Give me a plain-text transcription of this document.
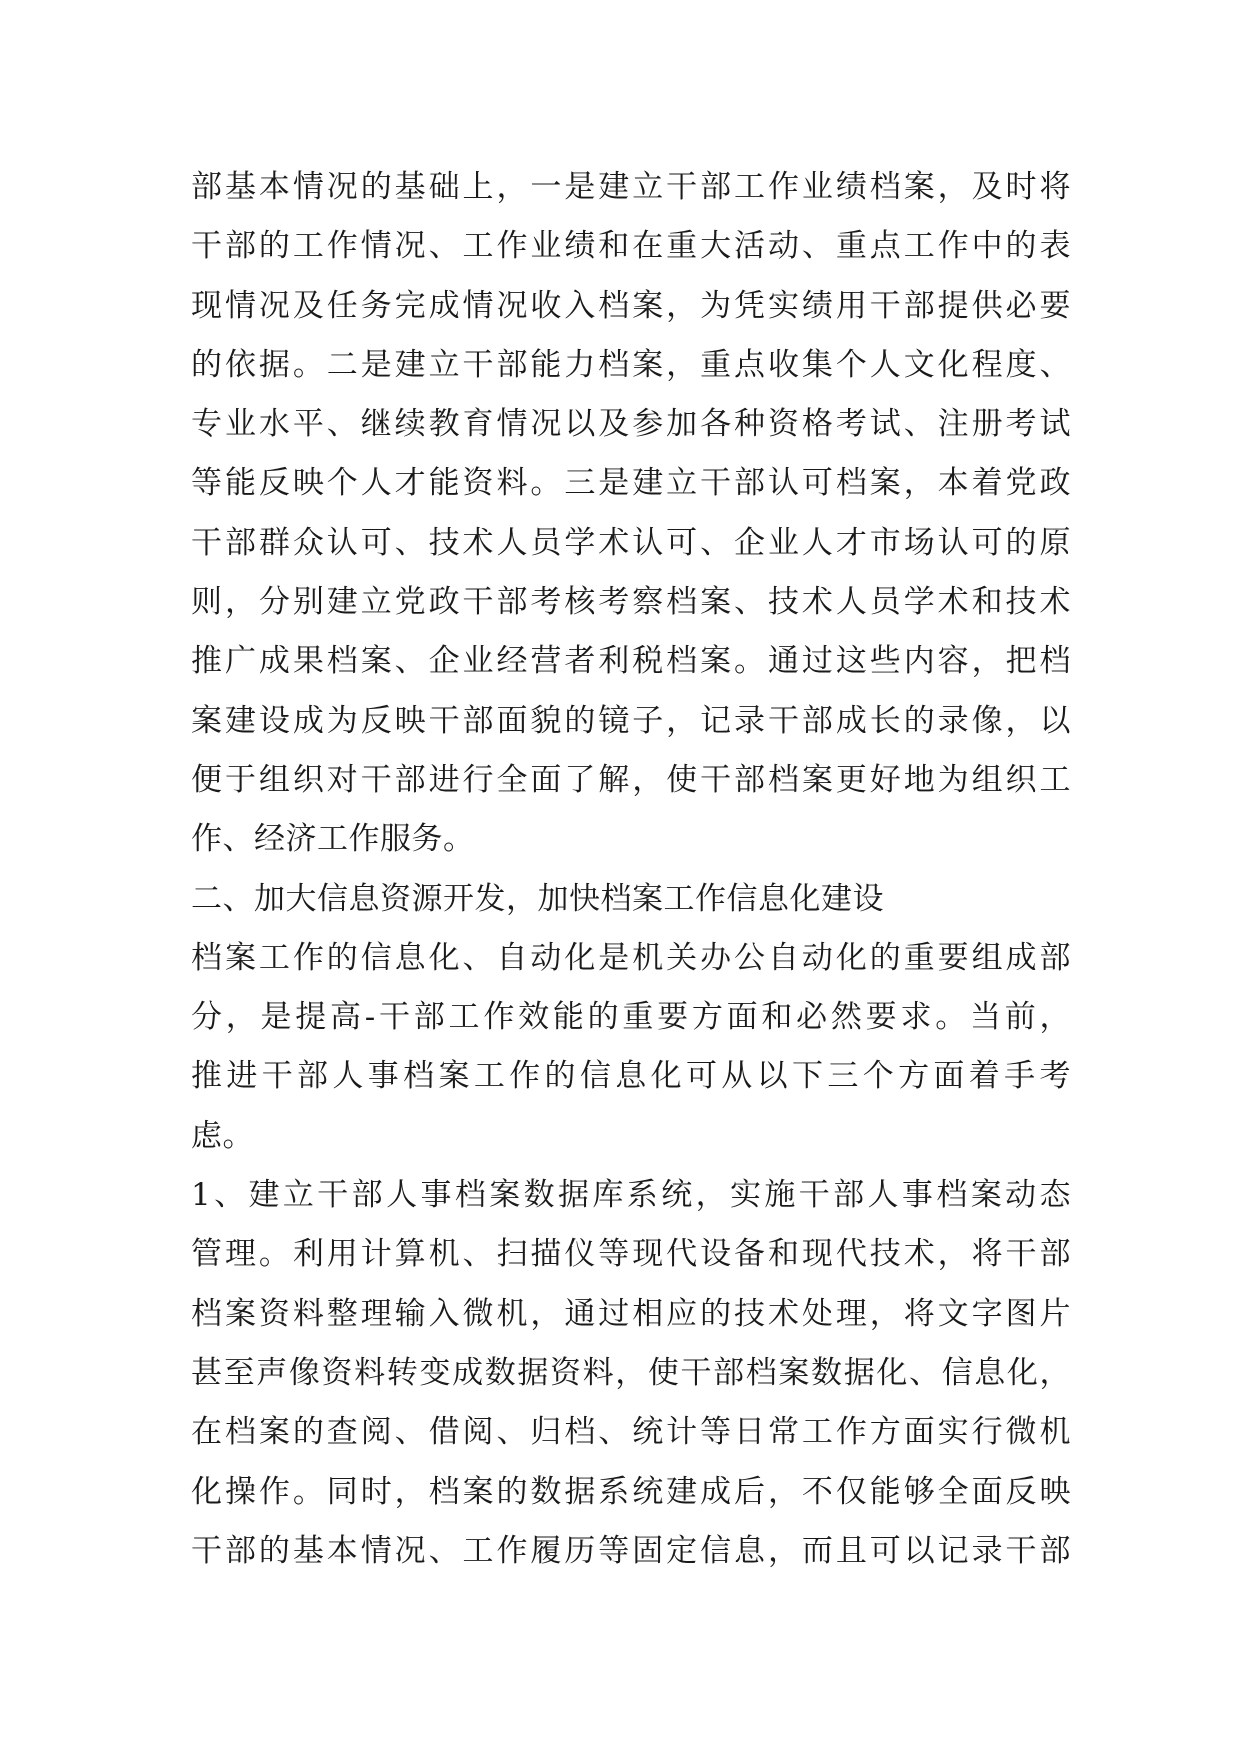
部基本情况的基础上，一是建立干部工作业绩档案，及时将
干部的工作情况、工作业绩和在重大活动、重点工作中的表
现情况及任务完成情况收入档案，为凭实绩用干部提供必要
的依据。二是建立干部能力档案，重点收集个人文化程度、
专业水平、继续教育情况以及参加各种资格考试、注册考试
等能反映个人才能资料。三是建立干部认可档案，本着党政
干部群众认可、技术人员学术认可、企业人才市场认可的原
则，分别建立党政干部考核考察档案、技术人员学术和技术
推广成果档案、企业经营者利税档案。通过这些内容，把档
案建设成为反映干部面貌的镜子，记录干部成长的录像，以
便于组织对干部进行全面了解，使干部档案更好地为组织工
作、经济工作服务。
二、加大信息资源开发，加快档案工作信息化建设
档案工作的信息化、自动化是机关办公自动化的重要组成部
分，是提高-干部工作效能的重要方面和必然要求。当前，
推进干部人事档案工作的信息化可从以下三个方面着手考
虑。
1、建立干部人事档案数据库系统，实施干部人事档案动态
管理。利用计算机、扫描仪等现代设备和现代技术，将干部
档案资料整理输入微机，通过相应的技术处理，将文字图片
甚至声像资料转变成数据资料，使干部档案数据化、信息化，
在档案的查阅、借阅、归档、统计等日常工作方面实行微机
化操作。同时，档案的数据系统建成后，不仅能够全面反映
干部的基本情况、工作履历等固定信息，而且可以记录干部
